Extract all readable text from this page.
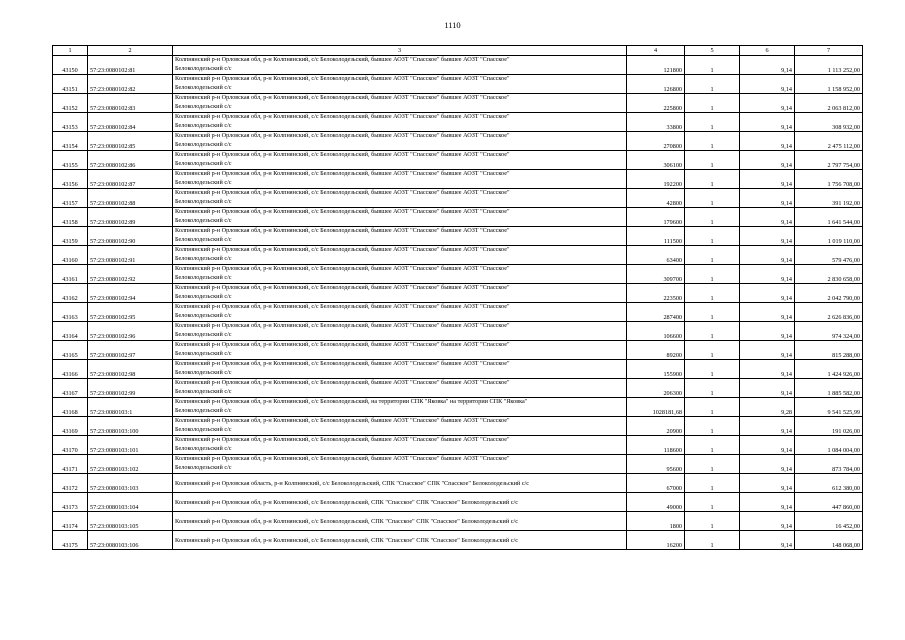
1110
1	2	3	4	5	6	7
43150	57:23:0080102:81	Колпнянский р-н Орловская обл, р-н Колпнянский, с/с Белоколодезьский, бывшее АОЗТ "Спасское" бывшее АОЗТ "Спасское"
Белоколодезьский с/с	121800	1	9,14	1 113 252,00
43151	57:23:0080102:82	Колпнянский р-н Орловская обл, р-н Колпнянский, с/с Белоколодезьский, бывшее АОЗТ "Спасское" бывшее АОЗТ "Спасское"
Белоколодезьский с/с	126800	1	9,14	1 158 952,00
43152	57:23:0080102:83	Колпнянский р-н Орловская обл, р-н Колпнянский, с/с Белоколодезьский, бывшее АОЗТ "Спасское" бывшее АОЗТ "Спасское"
Белоколодезьский с/с	225800	1	9,14	2 063 812,00
43153	57:23:0080102:84	Колпнянский р-н Орловская обл, р-н Колпнянский, с/с Белоколодезьский, бывшее АОЗТ "Спасское" бывшее АОЗТ "Спасское"
Белоколодезьский с/с	33800	1	9,14	308 932,00
43154	57:23:0080102:85	Колпнянский р-н Орловская обл, р-н Колпнянский, с/с Белоколодезьский, бывшее АОЗТ "Спасское" бывшее АОЗТ "Спасское"
Белоколодезьский с/с	270800	1	9,14	2 475 112,00
43155	57:23:0080102:86	Колпнянский р-н Орловская обл, р-н Колпнянский, с/с Белоколодезьский, бывшее АОЗТ "Спасское" бывшее АОЗТ "Спасское"
Белоколодезьский с/с	306100	1	9,14	2 797 754,00
43156	57:23:0080102:87	Колпнянский р-н Орловская обл, р-н Колпнянский, с/с Белоколодезьский, бывшее АОЗТ "Спасское" бывшее АОЗТ "Спасское"
Белоколодезьский с/с	192200	1	9,14	1 756 708,00
43157	57:23:0080102:88	Колпнянский р-н Орловская обл, р-н Колпнянский, с/с Белоколодезьский, бывшее АОЗТ "Спасское" бывшее АОЗТ "Спасское"
Белоколодезьский с/с	42800	1	9,14	391 192,00
43158	57:23:0080102:89	Колпнянский р-н Орловская обл, р-н Колпнянский, с/с Белоколодезьский, бывшее АОЗТ "Спасское" бывшее АОЗТ "Спасское"
Белоколодезьский с/с	179600	1	9,14	1 641 544,00
43159	57:23:0080102:90	Колпнянский р-н Орловская обл, р-н Колпнянский, с/с Белоколодезьский, бывшее АОЗТ "Спасское" бывшее АОЗТ "Спасское"
Белоколодезьский с/с	111500	1	9,14	1 019 110,00
43160	57:23:0080102:91	Колпнянский р-н Орловская обл, р-н Колпнянский, с/с Белоколодезьский, бывшее АОЗТ "Спасское" бывшее АОЗТ "Спасское"
Белоколодезьский с/с	63400	1	9,14	579 476,00
43161	57:23:0080102:92	Колпнянский р-н Орловская обл, р-н Колпнянский, с/с Белоколодезьский, бывшее АОЗТ "Спасское" бывшее АОЗТ "Спасское"
Белоколодезьский с/с	309700	1	9,14	2 830 658,00
43162	57:23:0080102:94	Колпнянский р-н Орловская обл, р-н Колпнянский, с/с Белоколодезьский, бывшее АОЗТ "Спасское" бывшее АОЗТ "Спасское"
Белоколодезьский с/с	223500	1	9,14	2 042 790,00
43163	57:23:0080102:95	Колпнянский р-н Орловская обл, р-н Колпнянский, с/с Белоколодезьский, бывшее АОЗТ "Спасское" бывшее АОЗТ "Спасское"
Белоколодезьский с/с	287400	1	9,14	2 626 836,00
43164	57:23:0080102:96	Колпнянский р-н Орловская обл, р-н Колпнянский, с/с Белоколодезьский, бывшее АОЗТ "Спасское" бывшее АОЗТ "Спасское"
Белоколодезьский с/с	106600	1	9,14	974 324,00
43165	57:23:0080102:97	Колпнянский р-н Орловская обл, р-н Колпнянский, с/с Белоколодезьский, бывшее АОЗТ "Спасское" бывшее АОЗТ "Спасское"
Белоколодезьский с/с	89200	1	9,14	815 288,00
43166	57:23:0080102:98	Колпнянский р-н Орловская обл, р-н Колпнянский, с/с Белоколодезьский, бывшее АОЗТ "Спасское" бывшее АОЗТ "Спасское"
Белоколодезьский с/с	155900	1	9,14	1 424 926,00
43167	57:23:0080102:99	Колпнянский р-н Орловская обл, р-н Колпнянский, с/с Белоколодезьский, бывшее АОЗТ "Спасское" бывшее АОЗТ "Спасское"
Белоколодезьский с/с	206300	1	9,14	1 885 582,00
43168	57:23:0080103:1	Колпнянский р-н Орловская обл, р-н Колпнянский, с/с Белоколодезьский, на территории СПК "Яковка" на территории СПК "Яковка"
Белоколодезьский с/с	1028181,68	1	9,28	9 541 525,99
43169	57:23:0080103:100	Колпнянский р-н Орловская обл, р-н Колпнянский, с/с Белоколодезьский, бывшее АОЗТ "Спасское" бывшее АОЗТ "Спасское"
Белоколодезьский с/с	20900	1	9,14	191 026,00
43170	57:23:0080103:101	Колпнянский р-н Орловская обл, р-н Колпнянский, с/с Белоколодезьский, бывшее АОЗТ "Спасское" бывшее АОЗТ "Спасское"
Белоколодезьский с/с	118600	1	9,14	1 084 004,00
43171	57:23:0080103:102	Колпнянский р-н Орловская обл, р-н Колпнянский, с/с Белоколодезьский, бывшее АОЗТ "Спасское" бывшее АОЗТ "Спасское"
Белоколодезьский с/с	95600	1	9,14	873 784,00
43172	57:23:0080103:103	Колпнянский р-н Орловская область, р-н Колпнянский, с/с Белоколодезьский, СПК "Спасское" СПК "Спасское" Белоколодезьский с/с	67000	1	9,14	612 380,00
43173	57:23:0080103:104	Колпнянский р-н Орловская обл, р-н Колпнянский, с/с Белоколодезьский, СПК "Спасское" СПК "Спасское" Белоколодезьский с/с	49000	1	9,14	447 860,00
43174	57:23:0080103:105	Колпнянский р-н Орловская обл, р-н Колпнянский, с/с Белоколодезьский, СПК "Спасское" СПК "Спасское" Белоколодезьский с/с	1800	1	9,14	16 452,00
43175	57:23:0080103:106	Колпнянский р-н Орловская обл, р-н Колпнянский, с/с Белоколодезьский, СПК "Спасское" СПК "Спасское" Белоколодезьский с/с	16200	1	9,14	148 068,00
